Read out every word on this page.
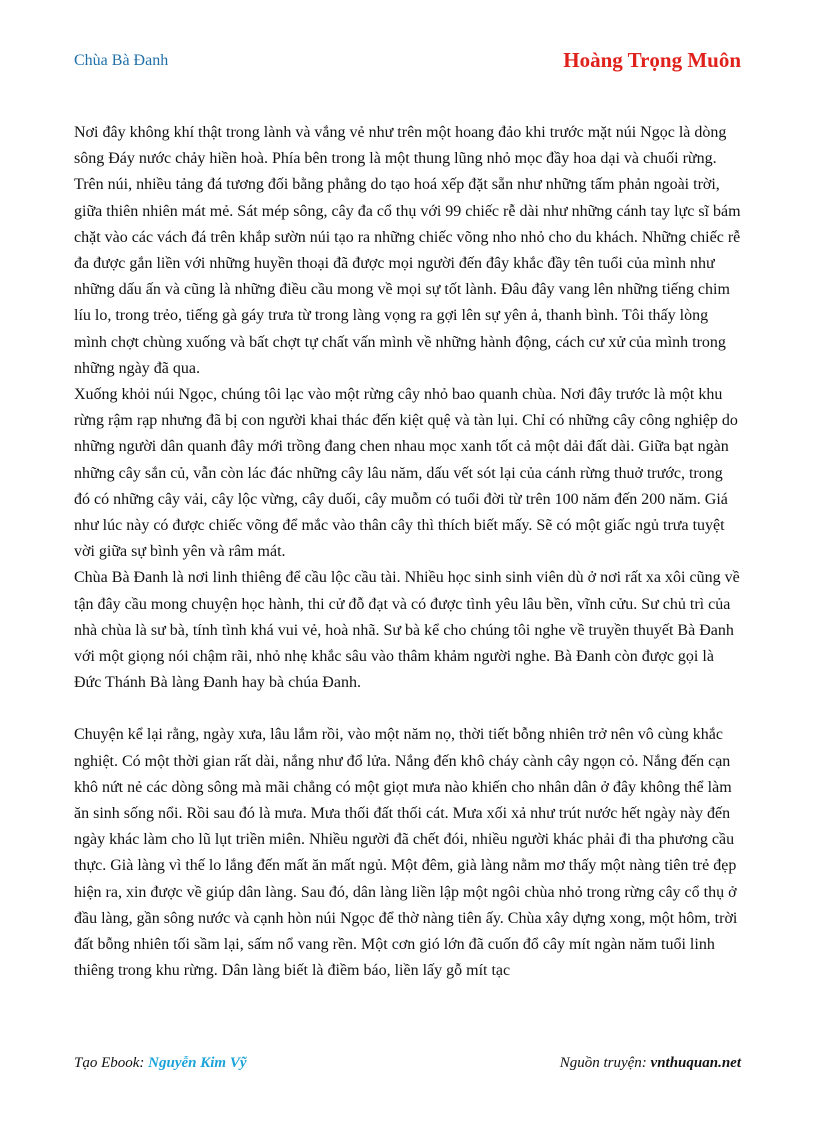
Chùa Bà Đanh	Hoàng Trọng Muôn

Nơi đây không khí thật trong lành và vắng vẻ như trên một hoang đảo khi trước mặt núi Ngọc là dòng sông Đáy nước chảy hiền hoà. Phía bên trong là một thung lũng nhỏ mọc đầy hoa dại và chuối rừng. Trên núi, nhiều tảng đá tương đối bằng phẳng do tạo hoá xếp đặt sẵn như những tấm phản ngoài trời, giữa thiên nhiên mát mẻ. Sát mép sông, cây đa cổ thụ với 99 chiếc rễ dài như những cánh tay lực sĩ bám chặt vào các vách đá trên khắp sườn núi tạo ra những chiếc võng nho nhỏ cho du khách. Những chiếc rễ đa được gắn liền với những huyền thoại đã được mọi người đến đây khắc đầy tên tuổi của mình như những dấu ấn và cũng là những điều cầu mong về mọi sự tốt lành. Đâu đây vang lên những tiếng chim líu lo, trong trẻo, tiếng gà gáy trưa từ trong làng vọng ra gợi lên sự yên ả, thanh bình. Tôi thấy lòng mình chợt chùng xuống và bất chợt tự chất vấn mình về những hành động, cách cư xử của mình trong những ngày đã qua.

Xuống khỏi núi Ngọc, chúng tôi lạc vào một rừng cây nhỏ bao quanh chùa. Nơi đây trước là một khu rừng rậm rạp nhưng đã bị con người khai thác đến kiệt quệ và tàn lụi. Chỉ có những cây công nghiệp do những người dân quanh đây mới trồng đang chen nhau mọc xanh tốt cả một dải đất dài. Giữa bạt ngàn những cây sắn củ, vẫn còn lác đác những cây lâu năm, dấu vết sót lại của cánh rừng thuở trước, trong đó có những cây vải, cây lộc vừng, cây duối, cây muỗm có tuổi đời từ trên 100 năm đến 200 năm. Giá như lúc này có được chiếc võng để mắc vào thân cây thì thích biết mấy. Sẽ có một giấc ngủ trưa tuyệt vời giữa sự bình yên và râm mát.

Chùa Bà Đanh là nơi linh thiêng để cầu lộc cầu tài. Nhiều học sinh sinh viên dù ở nơi rất xa xôi cũng về tận đây cầu mong chuyện học hành, thi cử đỗ đạt và có được tình yêu lâu bền, vĩnh cửu. Sư chủ trì của nhà chùa là sư bà, tính tình khá vui vẻ, hoà nhã. Sư bà kể cho chúng tôi nghe về truyền thuyết Bà Đanh với một giọng nói chậm rãi, nhỏ nhẹ khắc sâu vào thâm khảm người nghe. Bà Đanh còn được gọi là Đức Thánh Bà làng Đanh hay bà chúa Đanh.

Chuyện kể lại rằng, ngày xưa, lâu lắm rồi, vào một năm nọ, thời tiết bỗng nhiên trở nên vô cùng khắc nghiệt. Có một thời gian rất dài, nắng như đổ lửa. Nắng đến khô cháy cành cây ngọn cỏ. Nắng đến cạn khô nứt nẻ các dòng sông mà mãi chẳng có một giọt mưa nào khiến cho nhân dân ở đây không thể làm ăn sinh sống nổi. Rồi sau đó là mưa. Mưa thối đất thối cát. Mưa xối xả như trút nước hết ngày này đến ngày khác làm cho lũ lụt triền miên. Nhiều người đã chết đói, nhiều người khác phải đi tha phương cầu thực. Già làng vì thế lo lắng đến mất ăn mất ngủ. Một đêm, già làng nằm mơ thấy một nàng tiên trẻ đẹp hiện ra, xin được về giúp dân làng. Sau đó, dân làng liền lập một ngôi chùa nhỏ trong rừng cây cổ thụ ở đầu làng, gần sông nước và cạnh hòn núi Ngọc để thờ nàng tiên ấy. Chùa xây dựng xong, một hôm, trời đất bỗng nhiên tối sầm lại, sấm nổ vang rền. Một cơn gió lớn đã cuốn đổ cây mít ngàn năm tuổi linh thiêng trong khu rừng. Dân làng biết là điềm báo, liền lấy gỗ mít tạc

Tạo Ebook: Nguyễn Kim Vỹ	Nguồn truyện: vnthuquan.net
